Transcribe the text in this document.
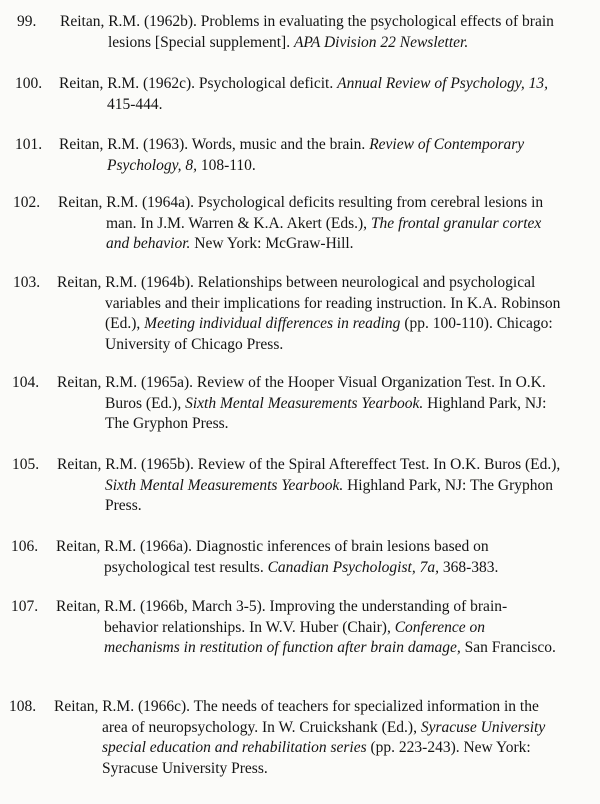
99. Reitan, R.M. (1962b). Problems in evaluating the psychological effects of brain lesions [Special supplement]. APA Division 22 Newsletter.
100. Reitan, R.M. (1962c). Psychological deficit. Annual Review of Psychology, 13, 415-444.
101. Reitan, R.M. (1963). Words, music and the brain. Review of Contemporary Psychology, 8, 108-110.
102. Reitan, R.M. (1964a). Psychological deficits resulting from cerebral lesions in man. In J.M. Warren & K.A. Akert (Eds.), The frontal granular cortex and behavior. New York: McGraw-Hill.
103. Reitan, R.M. (1964b). Relationships between neurological and psychological variables and their implications for reading instruction. In K.A. Robinson (Ed.), Meeting individual differences in reading (pp. 100-110). Chicago: University of Chicago Press.
104. Reitan, R.M. (1965a). Review of the Hooper Visual Organization Test. In O.K. Buros (Ed.), Sixth Mental Measurements Yearbook. Highland Park, NJ: The Gryphon Press.
105. Reitan, R.M. (1965b). Review of the Spiral Aftereffect Test. In O.K. Buros (Ed.), Sixth Mental Measurements Yearbook. Highland Park, NJ: The Gryphon Press.
106. Reitan, R.M. (1966a). Diagnostic inferences of brain lesions based on psychological test results. Canadian Psychologist, 7a, 368-383.
107. Reitan, R.M. (1966b, March 3-5). Improving the understanding of brain-behavior relationships. In W.V. Huber (Chair), Conference on mechanisms in restitution of function after brain damage, San Francisco.
108. Reitan, R.M. (1966c). The needs of teachers for specialized information in the area of neuropsychology. In W. Cruickshank (Ed.), Syracuse University special education and rehabilitation series (pp. 223-243). New York: Syracuse University Press.
